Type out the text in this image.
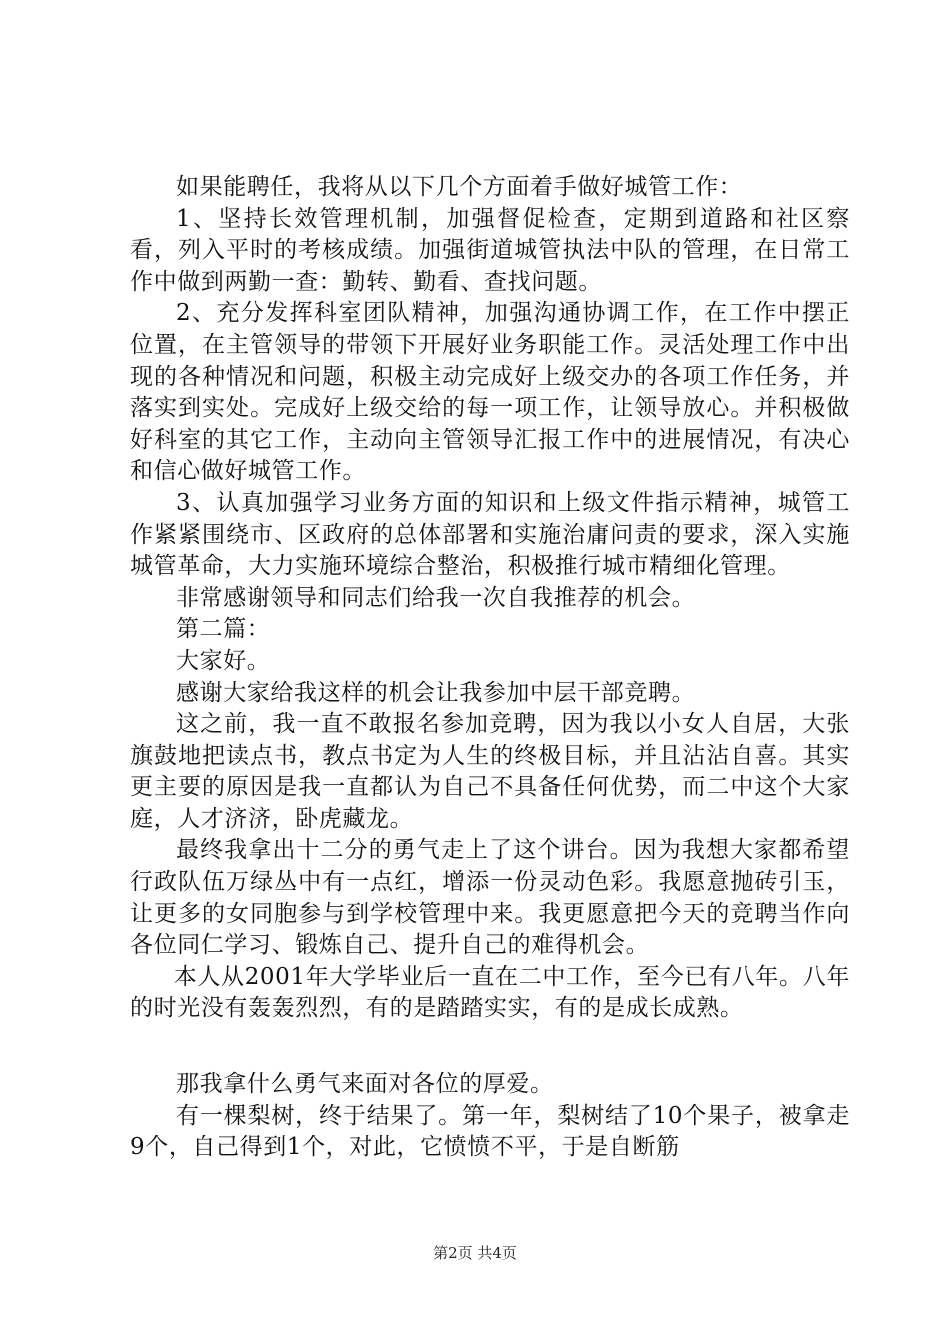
如果能聘任，我将从以下几个方面着手做好城管工作：

1、坚持长效管理机制，加强督促检查，定期到道路和社区察看，列入平时的考核成绩。加强街道城管执法中队的管理，在日常工作中做到两勤一查：勤转、勤看、查找问题。

2、充分发挥科室团队精神，加强沟通协调工作，在工作中摆正位置，在主管领导的带领下开展好业务职能工作。灵活处理工作中出现的各种情况和问题，积极主动完成好上级交办的各项工作任务，并落实到实处。完成好上级交给的每一项工作，让领导放心。并积极做好科室的其它工作，主动向主管领导汇报工作中的进展情况，有决心和信心做好城管工作。

3、认真加强学习业务方面的知识和上级文件指示精神，城管工作紧紧围绕市、区政府的总体部署和实施治庸问责的要求，深入实施城管革命，大力实施环境综合整治，积极推行城市精细化管理。

非常感谢领导和同志们给我一次自我推荐的机会。

第二篇：

大家好。

感谢大家给我这样的机会让我参加中层干部竞聘。

这之前，我一直不敢报名参加竞聘，因为我以小女人自居，大张旗鼓地把读点书，教点书定为人生的终极目标，并且沾沾自喜。其实更主要的原因是我一直都认为自己不具备任何优势，而二中这个大家庭，人才济济，卧虎藏龙。

最终我拿出十二分的勇气走上了这个讲台。因为我想大家都希望行政队伍万绿丛中有一点红，增添一份灵动色彩。我愿意抛砖引玉，让更多的女同胞参与到学校管理中来。我更愿意把今天的竞聘当作向各位同仁学习、锻炼自己、提升自己的难得机会。

本人从2001年大学毕业后一直在二中工作，至今已有八年。八年的时光没有轰轰烈烈，有的是踏踏实实，有的是成长成熟。

那我拿什么勇气来面对各位的厚爱。

有一棵梨树，终于结果了。第一年，梨树结了10个果子，被拿走9个，自己得到1个，对此，它愤愤不平，于是自断筋

第2页 共4页
